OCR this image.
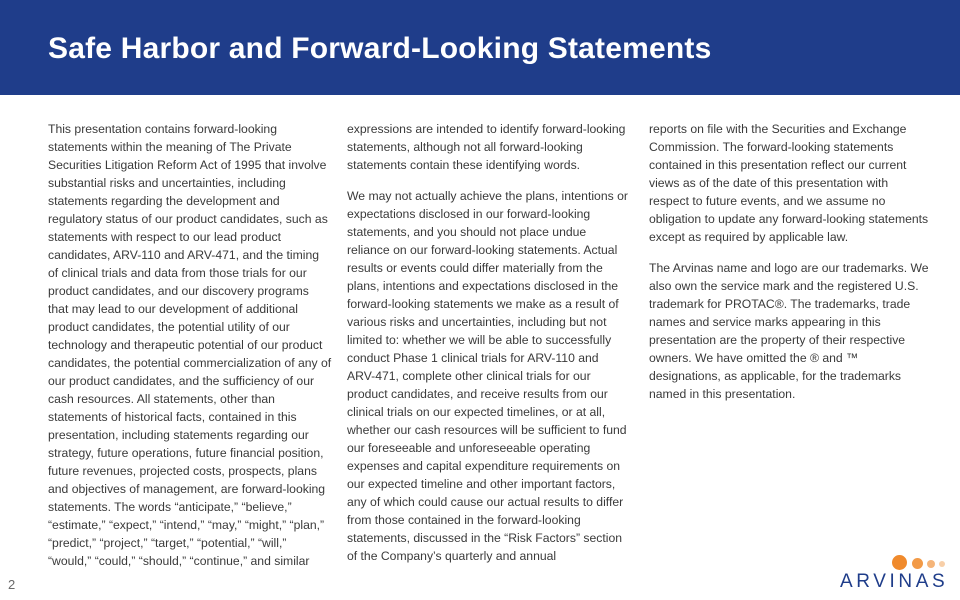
Safe Harbor and Forward-Looking Statements

This presentation contains forward-looking statements within the meaning of The Private Securities Litigation Reform Act of 1995 that involve substantial risks and uncertainties, including statements regarding the development and regulatory status of our product candidates, such as statements with respect to our lead product candidates, ARV-110 and ARV-471, and the timing of clinical trials and data from those trials for our product candidates, and our discovery programs that may lead to our development of additional product candidates, the potential utility of our technology and therapeutic potential of our product candidates, the potential commercialization of any of our product candidates, and the sufficiency of our cash resources. All statements, other than statements of historical facts, contained in this presentation, including statements regarding our strategy, future operations, future financial position, future revenues, projected costs, prospects, plans and objectives of management, are forward-looking statements. The words “anticipate,” “believe,” “estimate,” “expect,” “intend,” “may,” “might,” “plan,” “predict,” “project,” “target,” “potential,” “will,” “would,” “could,” “should,” “continue,” and similar

expressions are intended to identify forward-looking statements, although not all forward-looking statements contain these identifying words.

We may not actually achieve the plans, intentions or expectations disclosed in our forward-looking statements, and you should not place undue reliance on our forward-looking statements. Actual results or events could differ materially from the plans, intentions and expectations disclosed in the forward-looking statements we make as a result of various risks and uncertainties, including but not limited to: whether we will be able to successfully conduct Phase 1 clinical trials for ARV-110 and ARV-471, complete other clinical trials for our product candidates, and receive results from our clinical trials on our expected timelines, or at all, whether our cash resources will be sufficient to fund our foreseeable and unforeseeable operating expenses and capital expenditure requirements on our expected timeline and other important factors, any of which could cause our actual results to differ from those contained in the forward-looking statements, discussed in the “Risk Factors” section of the Company’s quarterly and annual

reports on file with the Securities and Exchange Commission. The forward-looking statements contained in this presentation reflect our current views as of the date of this presentation with respect to future events, and we assume no obligation to update any forward-looking statements except as required by applicable law.

The Arvinas name and logo are our trademarks. We also own the service mark and the registered U.S. trademark for PROTAC®. The trademarks, trade names and service marks appearing in this presentation are the property of their respective owners. We have omitted the ® and ™ designations, as applicable, for the trademarks named in this presentation.

2	ARVINAS
